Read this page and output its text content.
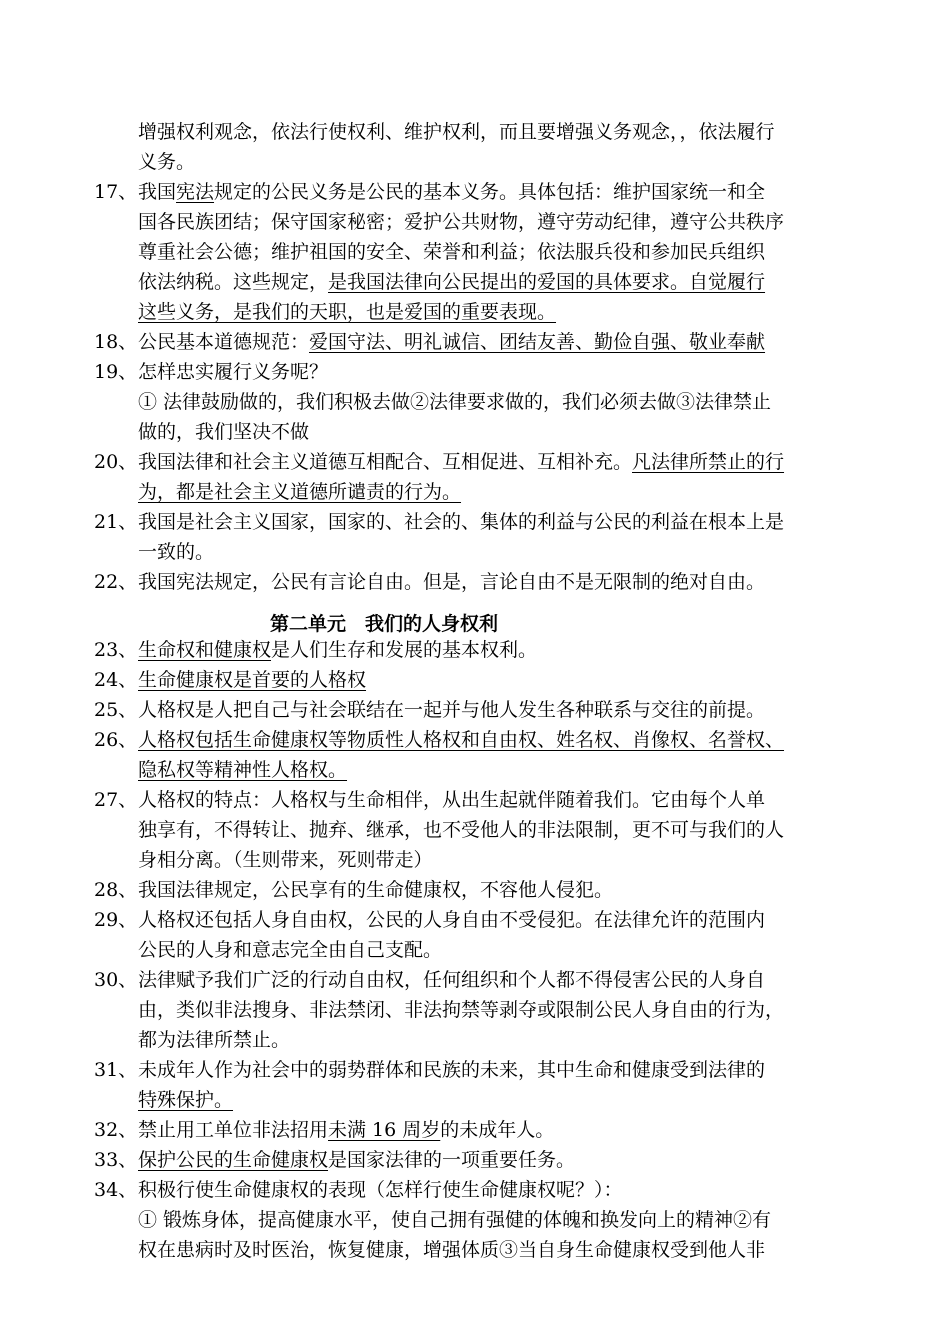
第二单元　我们的人身权利
增强权利观念，依法行使权利、维护权利，而且要增强义务观念，，依法履行
义务。
17、 我国宪法规定的公民义务是公民的基本义务。具体包括：维护国家统一和全
国各民族团结；保守国家秘密；爱护公共财物，遵守劳动纪律，遵守公共秩序
尊重社会公德；维护祖国的安全、荣誉和利益；依法服兵役和参加民兵组织
依法纳税。这些规定，是我国法律向公民提出的爱国的具体要求。自觉履行
这些义务，是我们的天职，也是爱国的重要表现。
18、 公民基本道德规范：爱国守法、明礼诚信、团结友善、勤俭自强、敬业奉献
19、 怎样忠实履行义务呢？
① 法律鼓励做的，我们积极去做②法律要求做的，我们必须去做③法律禁止
做的，我们坚决不做
20、 我国法律和社会主义道德互相配合、互相促进、互相补充。凡法律所禁止的行
为，都是社会主义道德所谴责的行为。
21、 我国是社会主义国家，国家的、社会的、集体的利益与公民的利益在根本上是
一致的。
22、 我国宪法规定，公民有言论自由。但是，言论自由不是无限制的绝对自由。
23、 生命权和健康权是人们生存和发展的基本权利。
24、 生命健康权是首要的人格权
25、 人格权是人把自己与社会联结在一起并与他人发生各种联系与交往的前提。
26、 人格权包括生命健康权等物质性人格权和自由权、姓名权、肖像权、名誉权、
隐私权等精神性人格权。
27、 人格权的特点：人格权与生命相伴，从出生起就伴随着我们。它由每个人单
独享有，不得转让、抛弃、继承，也不受他人的非法限制，更不可与我们的人
身相分离。（生则带来，死则带走）
28、 我国法律规定，公民享有的生命健康权，不容他人侵犯。
29、 人格权还包括人身自由权，公民的人身自由不受侵犯。在法律允许的范围内
公民的人身和意志完全由自己支配。
30、 法律赋予我们广泛的行动自由权，任何组织和个人都不得侵害公民的人身自
由，类似非法搜身、非法禁闭、非法拘禁等剥夺或限制公民人身自由的行为，
都为法律所禁止。
31、 未成年人作为社会中的弱势群体和民族的未来，其中生命和健康受到法律的
特殊保护。
32、 禁止用工单位非法招用未满 16 周岁的未成年人。
33、 保护公民的生命健康权是国家法律的一项重要任务。
34、 积极行使生命健康权的表现（怎样行使生命健康权呢？）：
① 锻炼身体，提高健康水平，使自己拥有强健的体魄和换发向上的精神②有
权在患病时及时医治，恢复健康，增强体质③当自身生命健康权受到他人非
